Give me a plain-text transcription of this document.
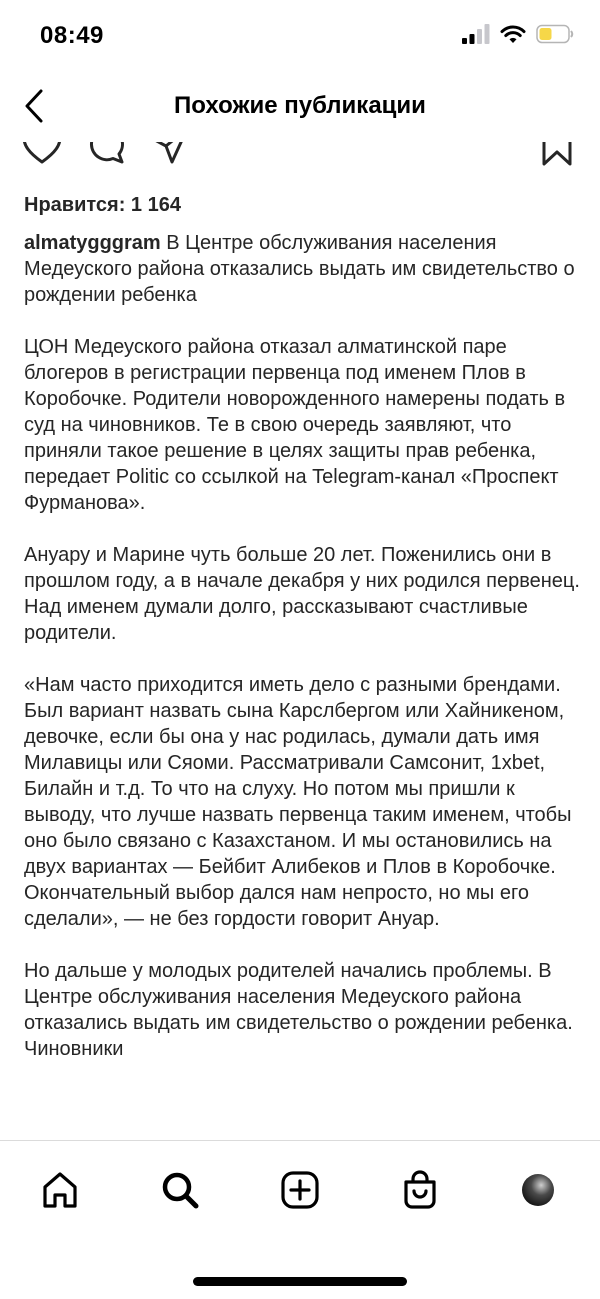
08:49
Похожие публикации
Нравится: 1 164

almatygggram В Центре обслуживания населения Медеуского района отказались выдать им свидетельство о рождении ребенка

ЦОН Медеуского района отказал алматинской паре блогеров в регистрации первенца под именем Плов в Коробочке. Родители новорожденного намерены подать в суд на чиновников. Те в свою очередь заявляют, что приняли такое решение в целях защиты прав ребенка, передает Politic со ссылкой на Telegram-канал «Проспект Фурманова».

Ануару и Марине чуть больше 20 лет. Поженились они в прошлом году, а в начале декабря у них родился первенец. Над именем думали долго, рассказывают счастливые родители.

«Нам часто приходится иметь дело с разными брендами. Был вариант назвать сына Карслбергом или Хайникеном, девочке, если бы она у нас родилась, думали дать имя Милавицы или Сяоми. Рассматривали Самсонит, 1xbet, Билайн и т.д. То что на слуху. Но потом мы пришли к выводу, что лучше назвать первенца таким именем, чтобы оно было связано с Казахстаном. И мы остановились на двух вариантах — Бейбит Алибеков и Плов в Коробочке. Окончательный выбор дался нам непросто, но мы его сделали», — не без гордости говорит Ануар.

Но дальше у молодых родителей начались проблемы. В Центре обслуживания населения Медеуского района отказались выдать им свидетельство о рождении ребенка. Чиновники
